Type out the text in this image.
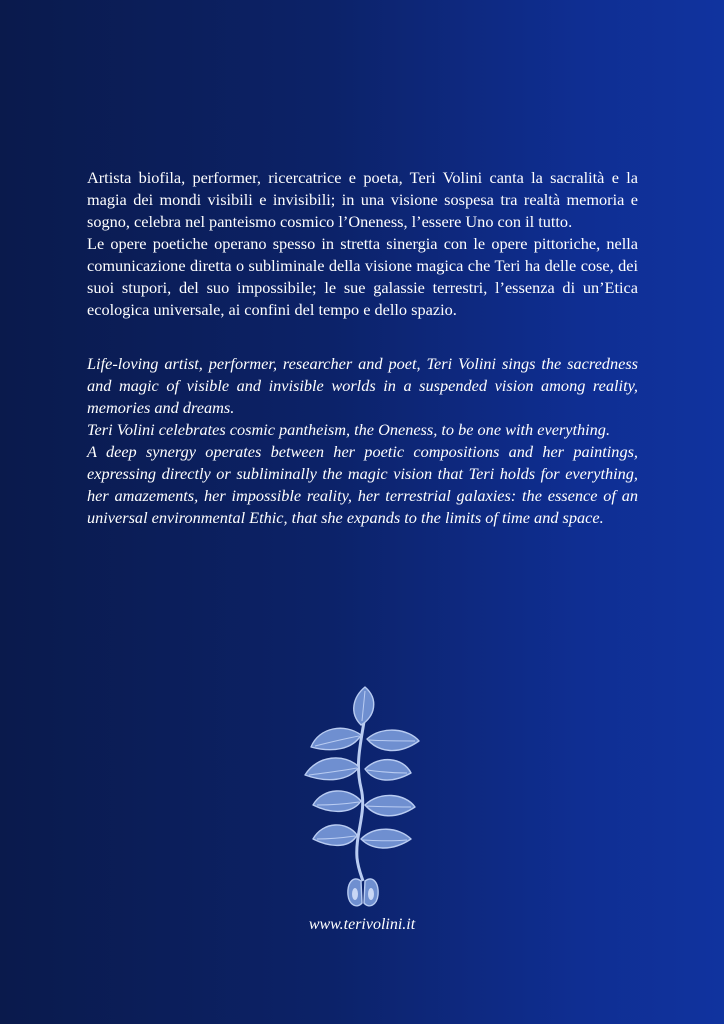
Artista biofila, performer, ricercatrice e poeta, Teri Volini canta la sacralità e la magia dei mondi visibili e invisibili; in una visione sospesa tra realtà memoria e sogno, celebra nel panteismo cosmico l’Oneness, l’essere Uno con il tutto.

Le opere poetiche operano spesso in stretta sinergia con le opere pittoriche, nella comunicazione diretta o subliminale della visione magica che Teri ha delle cose, dei suoi stupori, del suo impossibile; le sue galassie terrestri, l’essenza di un’Etica ecologica universale, ai confini del tempo e dello spazio.

Life-loving artist, performer, researcher and poet, Teri Volini sings the sacredness and magic of visible and invisible worlds in a suspended vision among reality, memories and dreams.

Teri Volini celebrates cosmic pantheism, the Oneness, to be one with everything.

A deep synergy operates between her poetic compositions and her paintings, expressing directly or subliminally the magic vision that Teri holds for everything, her amazements, her impossible reality, her terrestrial galaxies: the essence of an universal environmental Ethic, that she expands to the limits of time and space.

www.terivolini.it
